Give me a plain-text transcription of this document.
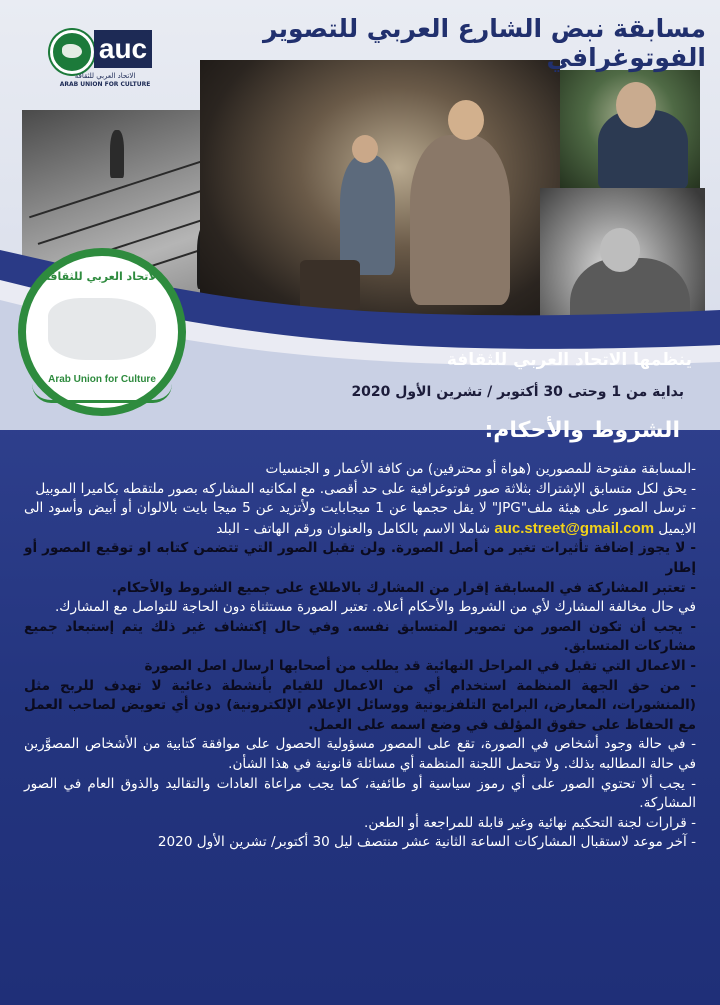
مسابقة نبض الشارع العربي للتصوير الفوتوغرافي
auc
الاتحاد العربي للثقافة
ARAB UNION FOR CULTURE
الاتحاد العربي للثقافة
Arab Union for Culture
ينظمها الاتحاد العربي للثقافة
بداية من 1 وحتى 30 أكتوبر / تشرين الأول 2020
الشروط والأحكام:
-المسابقة مفتوحة للمصورين (هواة أو محترفين) من كافة الأعمار و الجنسيات
- يحق لكل متسابق الإشتراك بثلاثة صور فوتوغرافية على حد أقصى. مع امكانيه المشاركه بصور ملتقطه بكاميرا الموبيل
- ترسل الصور على هيئة ملف"JPG" لا يقل حجمها عن 1 ميجابايت ولأتزيد عن 5 ميجا بايت بالالوان أو أبيض وأسود الى الايميل auc.street@gmail.com شاملا الاسم بالكامل والعنوان ورقم الهاتف - البلد
- لا يجوز إضافة تأثيرات تغير من أصل الصورة. ولن تقبل الصور التي تتضمن كتابه او توقيع المصور أو إطار
- تعتبر المشاركة في المسابقة إقرار من المشارك بالاطلاع على جميع الشروط والأحكام.
في حال مخالفة المشارك لأي من الشروط والأحكام أعلاه. تعتبر الصورة مستثناة دون الحاجة للتواصل مع المشارك.
- يجب أن تكون الصور من تصوير المتسابق نفسه. وفي حال إكتشاف غير ذلك يتم إستبعاد جميع مشاركات المتسابق.
- الاعمال التي تقبل في المراحل النهائية قد يطلب من أصحابها ارسال اصل الصورة
- من حق الجهة المنظمة استخدام أي من الاعمال للقيام بأنشطة دعائية لا تهدف للربح مثل (المنشورات، المعارض، البرامج التلفزيونية ووسائل الإعلام الإلكترونية) دون أي تعويض لصاحب العمل مع الحفاظ على حقوق المؤلف في وضع اسمه على العمل.
- في حالة وجود أشخاص في الصورة، تقع على المصور مسؤولية الحصول على موافقة كتابية من الأشخاص المصوَّرين في حالة المطالبه بذلك. ولا تتحمل اللجنة المنظمة أي مسائلة قانونية في هذا الشأن.
- يجب ألا تحتوي الصور على أي رموز سياسية أو طائفية، كما يجب مراعاة العادات والتقاليد والذوق العام في الصور المشاركة.
- قرارات لجنة التحكيم نهائية وغير قابلة للمراجعة أو الطعن.
- آخر موعد لاستقبال المشاركات الساعة الثانية عشر منتصف ليل 30 أكتوبر/ تشرين الأول 2020
